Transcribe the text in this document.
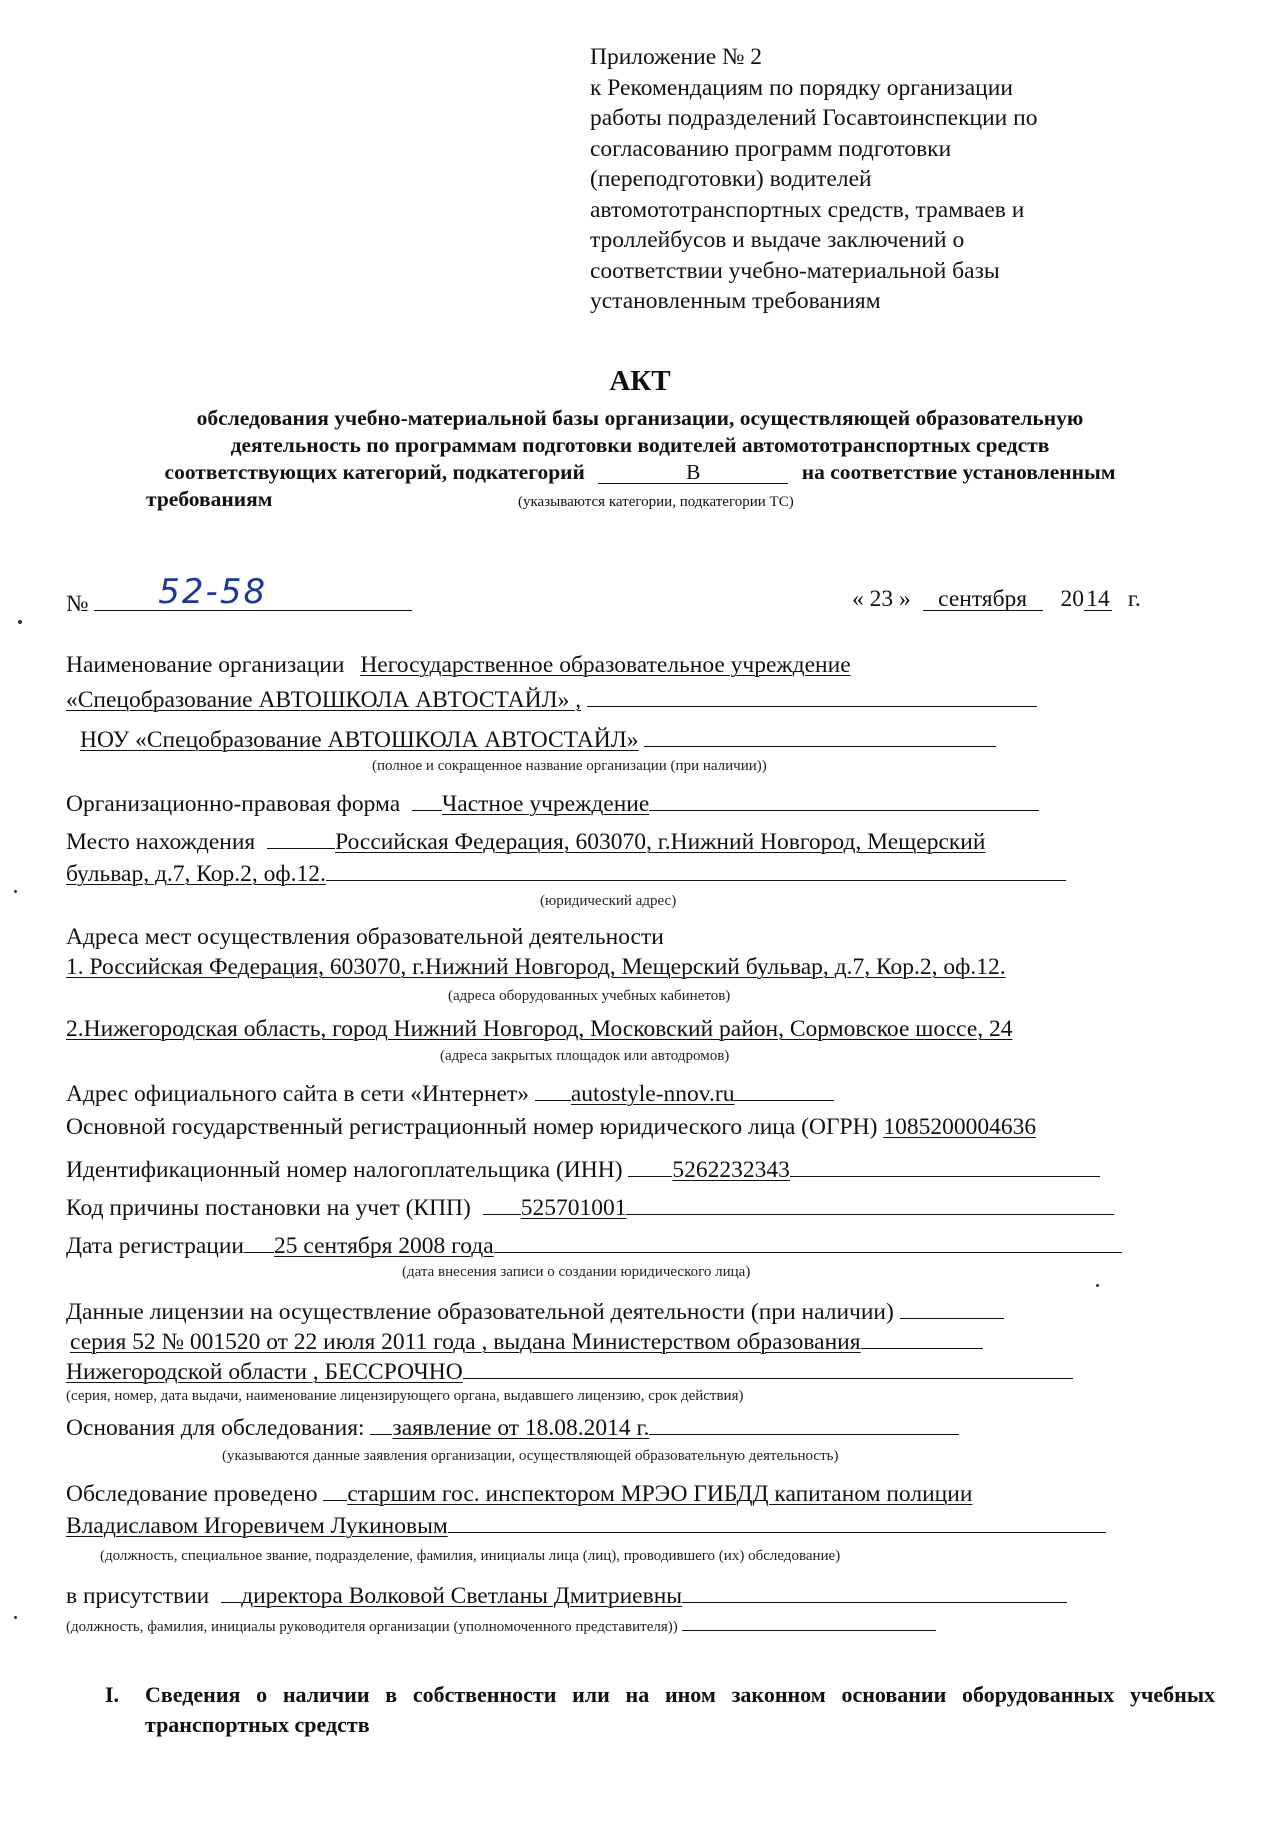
Приложение № 2
к Рекомендациям по порядку организации
работы подразделений Госавтоинспекции по
согласованию программ подготовки
(переподготовки) водителей
автомототранспортных средств, трамваев и
троллейбусов и выдаче заключений о
соответствии учебно-материальной базы
установленным требованиям
АКТ
обследования учебно-материальной базы организации, осуществляющей образовательную
деятельность по программам подготовки водителей автомототранспортных средств
соответствующих категорий, подкатегорий	B	на соответствие установленным
требованиям	(указываются категории, подкатегории ТС)
№ 52-58	« 23 » сентября 2014 г.
Наименование организации Негосударственное образовательное учреждение
«Спецобразование АВТОШКОЛА АВТОСТАЙЛ» ,
НОУ «Спецобразование АВТОШКОЛА АВТОСТАЙЛ»
(полное и сокращенное название организации (при наличии))
Организационно-правовая форма Частное учреждение
Место нахождения	Российская Федерация, 603070, г.Нижний Новгород, Мещерский
бульвар, д.7, Кор.2, оф.12.
(юридический адрес)
Адреса мест осуществления образовательной деятельности
1. Российская Федерация, 603070, г.Нижний Новгород, Мещерский бульвар, д.7, Кор.2, оф.12.
(адреса оборудованных учебных кабинетов)
2.Нижегородская область, город Нижний Новгород, Московский район, Сормовское шоссе, 24
(адреса закрытых площадок или автодромов)
Адрес официального сайта в сети «Интернет» autostyle-nnov.ru
Основной государственный регистрационный номер юридического лица (ОГРН) 1085200004636
Идентификационный номер налогоплательщика (ИНН) 5262232343
Код причины постановки на учет (КПП) 525701001
Дата регистрации 25 сентября 2008 года
(дата внесения записи о создании юридического лица)
Данные лицензии на осуществление образовательной деятельности (при наличии)
серия 52 № 001520 от 22 июля 2011 года , выдана Министерством образования
Нижегородской области , БЕССРОЧНО
(серия, номер, дата выдачи, наименование лицензирующего органа, выдавшего лицензию, срок действия)
Основания для обследования: заявление от 18.08.2014 г.
(указываются данные заявления организации, осуществляющей образовательную деятельность)
Обследование проведено старшим гос. инспектором МРЭО ГИБДД капитаном полиции
Владиславом Игоревичем Лукиновым
(должность, специальное звание, подразделение, фамилия, инициалы лица (лиц), проводившего (их) обследование)
в присутствии директора Волковой Светланы Дмитриевны
(должность, фамилия, инициалы руководителя организации (уполномоченного представителя))
I. Сведения о наличии в собственности или на ином законном основании оборудованных учебных транспортных средств
